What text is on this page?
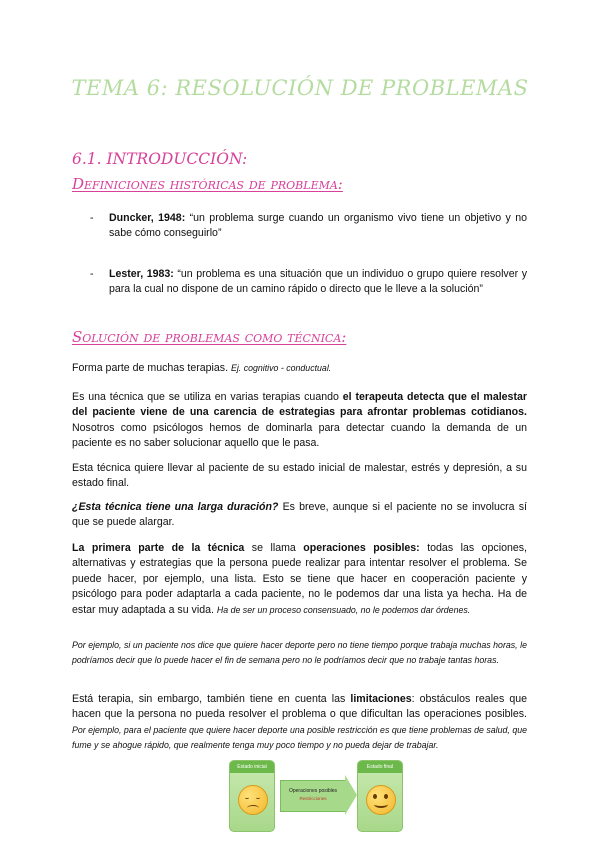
TEMA 6: RESOLUCIÓN DE PROBLEMAS
6.1. INTRODUCCIÓN:
Definiciones históricas de problema:
- Duncker, 1948: “un problema surge cuando un organismo vivo tiene un objetivo y no sabe cómo conseguirlo”
- Lester, 1983: “un problema es una situación que un individuo o grupo quiere resolver y para la cual no dispone de un camino rápido o directo que le lleve a la solución”
Solución de problemas como técnica:
Forma parte de muchas terapias. Ej. cognitivo - conductual.
Es una técnica que se utiliza en varias terapias cuando el terapeuta detecta que el malestar del paciente viene de una carencia de estrategias para afrontar problemas cotidianos. Nosotros como psicólogos hemos de dominarla para detectar cuando la demanda de un paciente es no saber solucionar aquello que le pasa.
Esta técnica quiere llevar al paciente de su estado inicial de malestar, estrés y depresión, a su estado final.
¿Esta técnica tiene una larga duración? Es breve, aunque si el paciente no se involucra sí que se puede alargar.
La primera parte de la técnica se llama operaciones posibles: todas las opciones, alternativas y estrategias que la persona puede realizar para intentar resolver el problema. Se puede hacer, por ejemplo, una lista. Esto se tiene que hacer en cooperación paciente y psicólogo para poder adaptarla a cada paciente, no le podemos dar una lista ya hecha. Ha de estar muy adaptada a su vida. Ha de ser un proceso consensuado, no le podemos dar órdenes.
Por ejemplo, si un paciente nos dice que quiere hacer deporte pero no tiene tiempo porque trabaja muchas horas, le podríamos decir que lo puede hacer el fin de semana pero no le podríamos decir que no trabaje tantas horas.
Está terapia, sin embargo, también tiene en cuenta las limitaciones: obstáculos reales que hacen que la persona no pueda resolver el problema o que dificultan las operaciones posibles. Por ejemplo, para el paciente que quiere hacer deporte una posible restricción es que tiene problemas de salud, que fume y se ahogue rápido, que realmente tenga muy poco tiempo y no pueda dejar de trabajar.
Estado inicial
Operaciones posibles
Restricciones
Estado final
